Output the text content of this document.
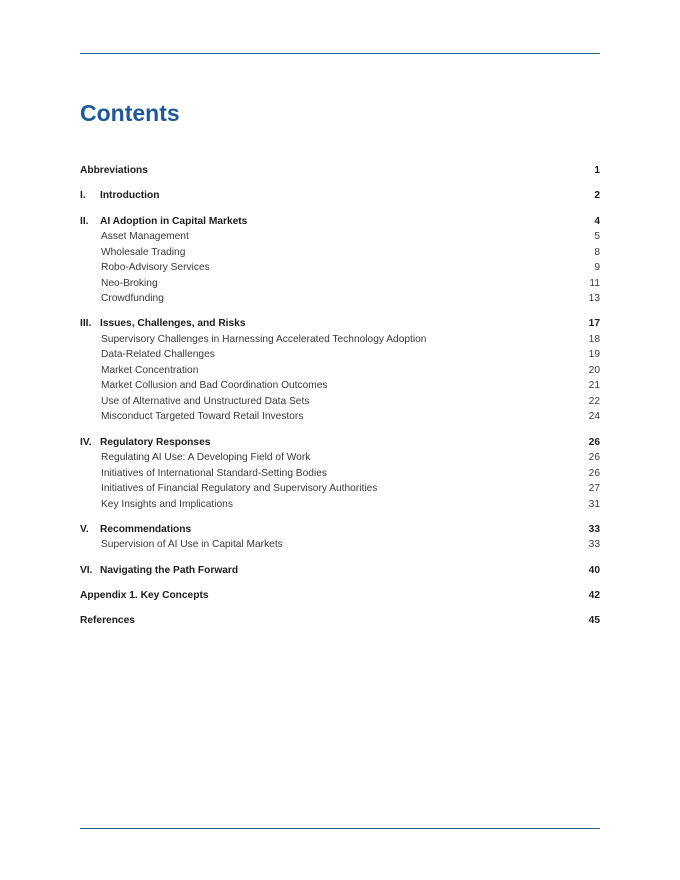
Contents
Abbreviations	1
I.	Introduction	2
II.	AI Adoption in Capital Markets	4
Asset Management	5
Wholesale Trading	8
Robo-Advisory Services	9
Neo-Broking	11
Crowdfunding	13
III. Issues, Challenges, and Risks	17
Supervisory Challenges in Harnessing Accelerated Technology Adoption	18
Data-Related Challenges	19
Market Concentration	20
Market Collusion and Bad Coordination Outcomes	21
Use of Alternative and Unstructured Data Sets	22
Misconduct Targeted Toward Retail Investors	24
IV. Regulatory Responses	26
Regulating AI Use: A Developing Field of Work	26
Initiatives of International Standard-Setting Bodies	26
Initiatives of Financial Regulatory and Supervisory Authorities	27
Key Insights and Implications	31
V.	Recommendations	33
Supervision of AI Use in Capital Markets	33
VI. Navigating the Path Forward	40
Appendix 1. Key Concepts	42
References	45
